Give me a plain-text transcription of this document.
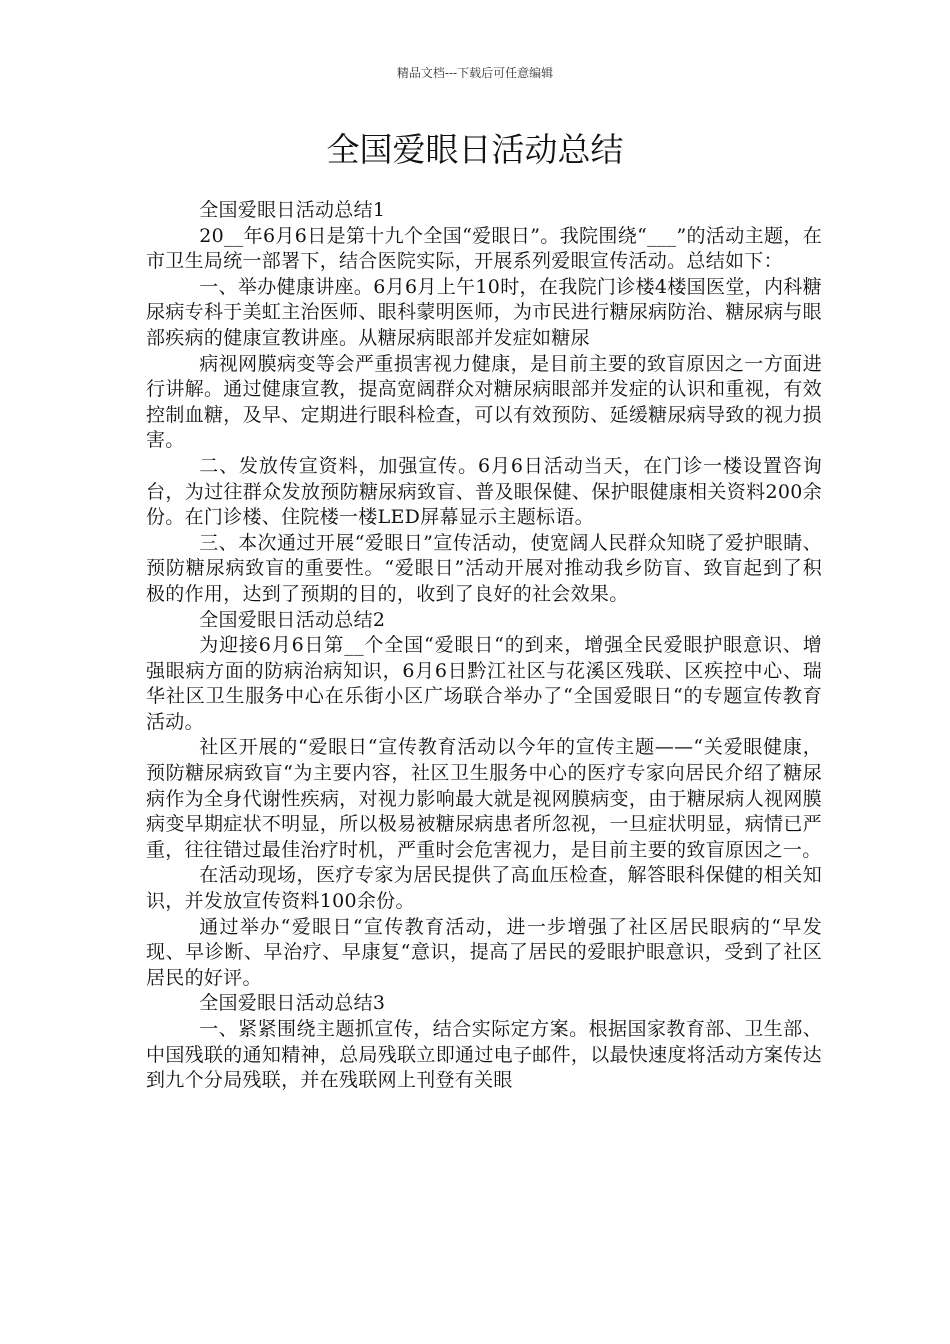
精品文档---下载后可任意编辑
全国爱眼日活动总结

全国爱眼日活动总结1

20__年6月6日是第十九个全国“爱眼日”。我院围绕“___”的活动主题，在市卫生局统一部署下，结合医院实际，开展系列爱眼宣传活动。总结如下：

一、举办健康讲座。6月6月上午10时，在我院门诊楼4楼国医堂，内科糖尿病专科于美虹主治医师、眼科蒙明医师，为市民进行糖尿病防治、糖尿病与眼部疾病的健康宣教讲座。从糖尿病眼部并发症如糖尿

病视网膜病变等会严重损害视力健康，是目前主要的致盲原因之一方面进行讲解。通过健康宣教，提高宽阔群众对糖尿病眼部并发症的认识和重视，有效控制血糖，及早、定期进行眼科检查，可以有效预防、延缓糖尿病导致的视力损害。

二、发放传宣资料，加强宣传。6月6日活动当天，在门诊一楼设置咨询台，为过往群众发放预防糖尿病致盲、普及眼保健、保护眼健康相关资料200余份。在门诊楼、住院楼一楼LED屏幕显示主题标语。

三、本次通过开展“爱眼日”宣传活动，使宽阔人民群众知晓了爱护眼睛、预防糖尿病致盲的重要性。“爱眼日”活动开展对推动我乡防盲、致盲起到了积极的作用，达到了预期的目的，收到了良好的社会效果。

全国爱眼日活动总结2

为迎接6月6日第__个全国“爱眼日“的到来，增强全民爱眼护眼意识、增强眼病方面的防病治病知识，6月6日黔江社区与花溪区残联、区疾控中心、瑞华社区卫生服务中心在乐街小区广场联合举办了“全国爱眼日“的专题宣传教育活动。

社区开展的“爱眼日“宣传教育活动以今年的宣传主题——“关爱眼健康，预防糖尿病致盲“为主要内容，社区卫生服务中心的医疗专家向居民介绍了糖尿病作为全身代谢性疾病，对视力影响最大就是视网膜病变，由于糖尿病人视网膜病变早期症状不明显，所以极易被糖尿病患者所忽视，一旦症状明显，病情已严重，往往错过最佳治疗时机，严重时会危害视力，是目前主要的致盲原因之一。

在活动现场，医疗专家为居民提供了高血压检查，解答眼科保健的相关知识，并发放宣传资料100余份。

通过举办“爱眼日“宣传教育活动，进一步增强了社区居民眼病的“早发现、早诊断、早治疗、早康复“意识，提高了居民的爱眼护眼意识，受到了社区居民的好评。

全国爱眼日活动总结3

一、紧紧围绕主题抓宣传，结合实际定方案。根据国家教育部、卫生部、中国残联的通知精神，总局残联立即通过电子邮件，以最快速度将活动方案传达到九个分局残联，并在残联网上刊登有关眼
